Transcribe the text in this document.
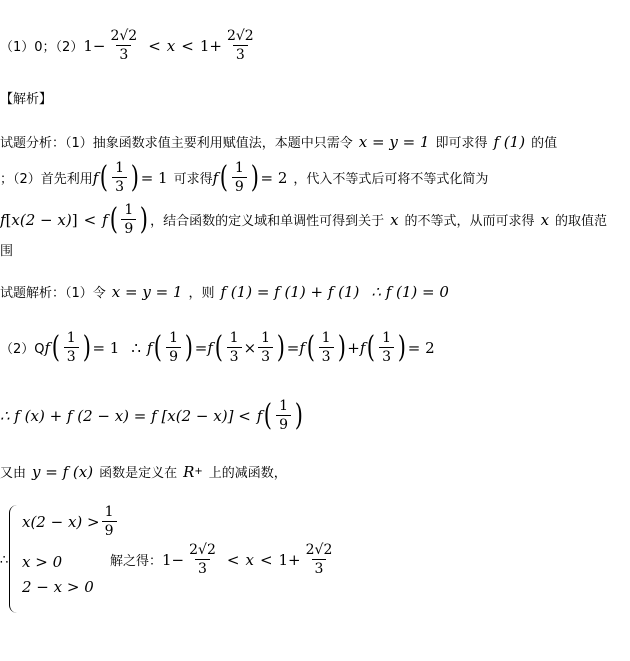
（1）0；（2） $1- \frac{2√2}{3} < x < 1+ \frac{2√2}{3}$
【解析】
试题分析：（1）抽象函数求值主要利用赋值法，本题中只需令 x = y = 1 即可求得 f (1) 的值
；（2）首先利用 f ( $\frac{1}{3}$ ) = 1 可求得 f ( $\frac{1}{9}$ ) = 2 ，代入不等式后可将不等式化简为
f [ x(2 − x) ] < f ( $\frac{1}{9}$ ) ，结合函数的定义域和单调性可得到关于 x 的不等式，从而可求得 x 的取值范
围
试题解析：（1）令 x = y = 1 ，则 f (1) = f (1) + f (1) ∴ f (1) = 0
（2）Q f ( $\frac{1}{3}$ ) = 1 ∴ f ( $\frac{1}{9}$ ) = f ( $\frac{1}{3} \times \frac{1}{3}$ ) = f ( $\frac{1}{3}$ ) + f ( $\frac{1}{3}$ ) = 2
∴ f (x) + f (2 − x) = f [x(2 − x)] < f ( $\frac{1}{9}$ )
又由 y = f (x) 函数是定义在 R + 上的减函数，
$x(2 - x) > \frac{1}{9}$
x > 0
2 − x > 0
∴	解之得： $1- \frac{2√2}{3} < x < 1+ \frac{2√2}{3}$
